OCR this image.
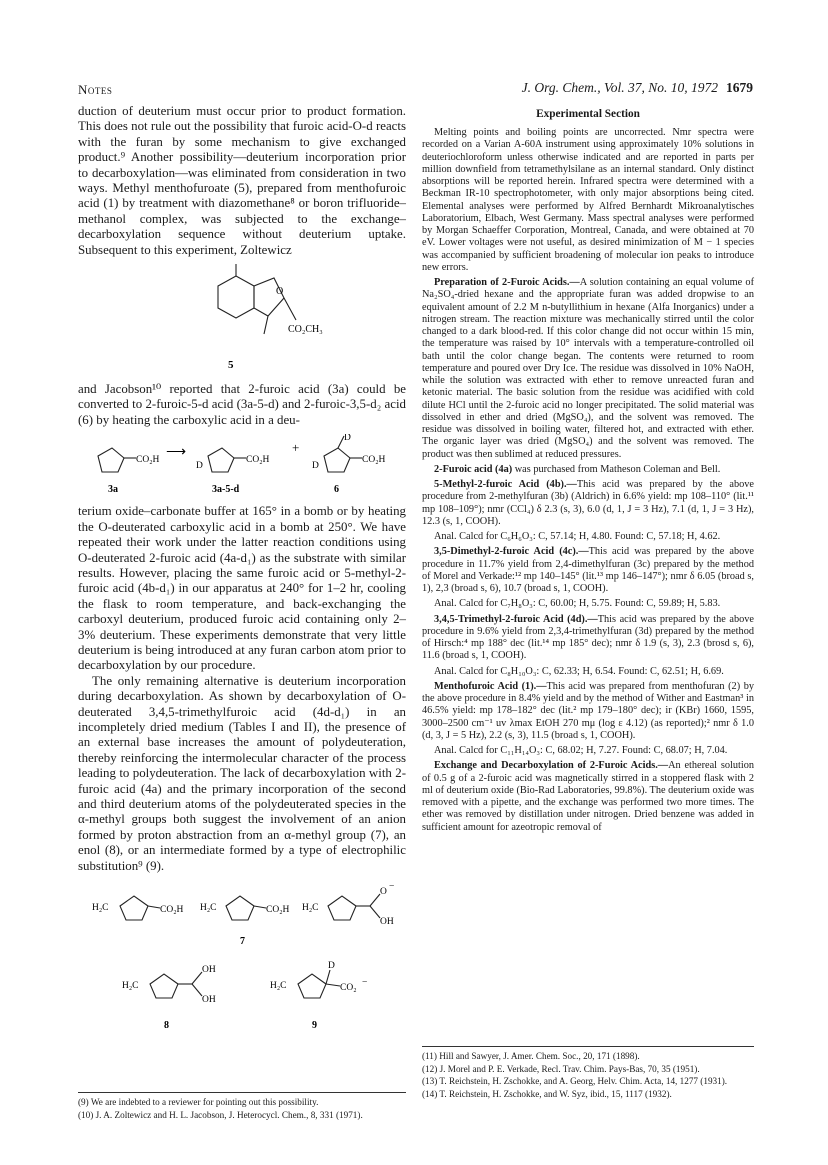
Notes	J. Org. Chem., Vol. 37, No. 10, 1972 1679

duction of deuterium must occur prior to product formation. This does not rule out the possibility that furoic acid-O-d reacts with the furan by some mechanism to give exchanged product.⁹ Another possibility—deuterium incorporation prior to decarboxylation—was eliminated from consideration in two ways. Methyl menthofuroate (5), prepared from menthofuroic acid (1) by treatment with diazomethane⁸ or boron trifluoride–methanol complex, was subjected to the exchange–decarboxylation sequence without deuterium uptake. Subsequent to this experiment, Zoltewicz

O
CO₂CH₃
5

and Jacobson¹⁰ reported that 2-furoic acid (3a) could be converted to 2-furoic-5-d acid (3a-5-d) and 2-furoic-3,5-d₂ acid (6) by heating the carboxylic acid in a deu-

CO₂H ⟶
D
CO₂H
+
D
D
CO₂H
3a	3a-5-d	6

terium oxide–carbonate buffer at 165° in a bomb or by heating the O-deuterated carboxylic acid in a bomb at 250°. We have repeated their work under the latter reaction conditions using O-deuterated 2-furoic acid (4a-d₁) as the substrate with similar results. However, placing the same furoic acid or 5-methyl-2-furoic acid (4b-d₁) in our apparatus at 240° for 1–2 hr, cooling the flask to room temperature, and back-exchanging the carboxyl deuterium, produced furoic acid containing only 2–3% deuterium. These experiments demonstrate that very little deuterium is being introduced at any furan carbon atom prior to decarboxylation by our procedure.

The only remaining alternative is deuterium incorporation during decarboxylation. As shown by decarboxylation of O-deuterated 3,4,5-trimethylfuroic acid (4d-d₁) in an incompletely dried medium (Tables I and II), the presence of an external base increases the amount of polydeuteration, thereby reinforcing the intermolecular character of the process leading to polydeuteration. The lack of decarboxylation with 2-furoic acid (4a) and the primary incorporation of the second and third deuterium atoms of the polydeuterated species in the α-methyl groups both suggest the involvement of an anion formed by proton abstraction from an α-methyl group (7), an enol (8), or an intermediate formed by a type of electrophilic substitution⁹ (9).

H₂C	CO₂H H₂C	CO₂H H₂C
O −
OH
7
H₂C
OH
OH
H₂C
D
CO₂ −
8	9
(9) We are indebted to a reviewer for pointing out this possibility.
(10) J. A. Zoltewicz and H. L. Jacobson, J. Heterocycl. Chem., 8, 331 (1971).
Experimental Section

Melting points and boiling points are uncorrected. Nmr spectra were recorded on a Varian A-60A instrument using approximately 10% solutions in deuteriochloroform unless otherwise indicated and are reported in parts per million downfield from tetramethylsilane as an internal standard. Only distinct absorptions will be reported herein. Infrared spectra were determined with a Beckman IR-10 spectrophotometer, with only major absorptions being cited. Elemental analyses were performed by Alfred Bernhardt Mikroanalytisches Laboratorium, Elbach, West Germany. Mass spectral analyses were performed by Morgan Schaeffer Corporation, Montreal, Canada, and were obtained at 70 eV. Lower voltages were not useful, as desired minimization of M − 1 species was accompanied by sufficient broadening of molecular ion peaks to introduce new errors.

Preparation of 2-Furoic Acids.—A solution containing an equal volume of Na₂SO₄-dried hexane and the appropriate furan was added dropwise to an equivalent amount of 2.2 M n-butyllithium in hexane (Alfa Inorganics) under a nitrogen stream. The reaction mixture was mechanically stirred until the color changed to a dark blood-red. If this color change did not occur within 15 min, the temperature was raised by 10° intervals with a temperature-controlled oil bath until the color change began. The contents were returned to room temperature and poured over Dry Ice. The residue was dissolved in 10% NaOH, while the solution was extracted with ether to remove unreacted furan and ketonic material. The basic solution from the residue was acidified with cold dilute HCl until the 2-furoic acid no longer precipitated. The solid material was dissolved in ether and dried (MgSO₄), and the solvent was removed. The residue was dissolved in boiling water, filtered hot, and extracted with ether. The organic layer was dried (MgSO₄) and the solvent was removed. The product was then sublimed at reduced pressures.

2-Furoic acid (4a) was purchased from Matheson Coleman and Bell.

5-Methyl-2-furoic Acid (4b).—This acid was prepared by the above procedure from 2-methylfuran (3b) (Aldrich) in 6.6% yield: mp 108–110° (lit.¹¹ mp 108–109°); nmr (CCl₄) δ 2.3 (s, 3), 6.0 (d, 1, J = 3 Hz), 7.1 (d, 1, J = 3 Hz), 12.3 (s, 1, COOH).

Anal. Calcd for C₆H₆O₃: C, 57.14; H, 4.80. Found: C, 57.18; H, 4.62.

3,5-Dimethyl-2-furoic Acid (4c).—This acid was prepared by the above procedure in 11.7% yield from 2,4-dimethylfuran (3c) prepared by the method of Morel and Verkade:¹² mp 140–145° (lit.¹³ mp 146–147°); nmr δ 6.05 (broad s, 1), 2,3 (broad s, 6), 10.7 (broad s, 1, COOH).

Anal. Calcd for C₇H₈O₃: C, 60.00; H, 5.75. Found: C, 59.89; H, 5.83.

3,4,5-Trimethyl-2-furoic Acid (4d).—This acid was prepared by the above procedure in 9.6% yield from 2,3,4-trimethylfuran (3d) prepared by the method of Hirsch:⁴ mp 188° dec (lit.¹⁴ mp 185° dec); nmr δ 1.9 (s, 3), 2.3 (brosd s, 6), 11.6 (broad s, 1, COOH).

Anal. Calcd for C₈H₁₀O₃: C, 62.33; H, 6.54. Found: C, 62.51; H, 6.69.

Menthofuroic Acid (1).—This acid was prepared from menthofuran (2) by the above procedure in 8.4% yield and by the method of Wither and Eastman³ in 46.5% yield: mp 178–182° dec (lit.² mp 179–180° dec); ir (KBr) 1660, 1595, 3000–2500 cm⁻¹ uv λmax EtOH 270 mμ (log ε 4.12) (as reported);² nmr δ 1.0 (d, 3, J = 5 Hz), 2.2 (s, 3), 11.5 (broad s, 1, COOH).

Anal. Calcd for C₁₁H₁₄O₃: C, 68.02; H, 7.27. Found: C, 68.07; H, 7.04.

Exchange and Decarboxylation of 2-Furoic Acids.—An ethereal solution of 0.5 g of a 2-furoic acid was magnetically stirred in a stoppered flask with 2 ml of deuterium oxide (Bio-Rad Laboratories, 99.8%). The deuterium oxide was removed with a pipette, and the exchange was performed two more times. The ether was removed by distillation under nitrogen. Dried benzene was added in sufficient amount for azeotropic removal of

(11) Hill and Sawyer, J. Amer. Chem. Soc., 20, 171 (1898).
(12) J. Morel and P. E. Verkade, Recl. Trav. Chim. Pays-Bas, 70, 35 (1951).
(13) T. Reichstein, H. Zschokke, and A. Georg, Helv. Chim. Acta, 14, 1277 (1931).
(14) T. Reichstein, H. Zschokke, and W. Syz, ibid., 15, 1117 (1932).
